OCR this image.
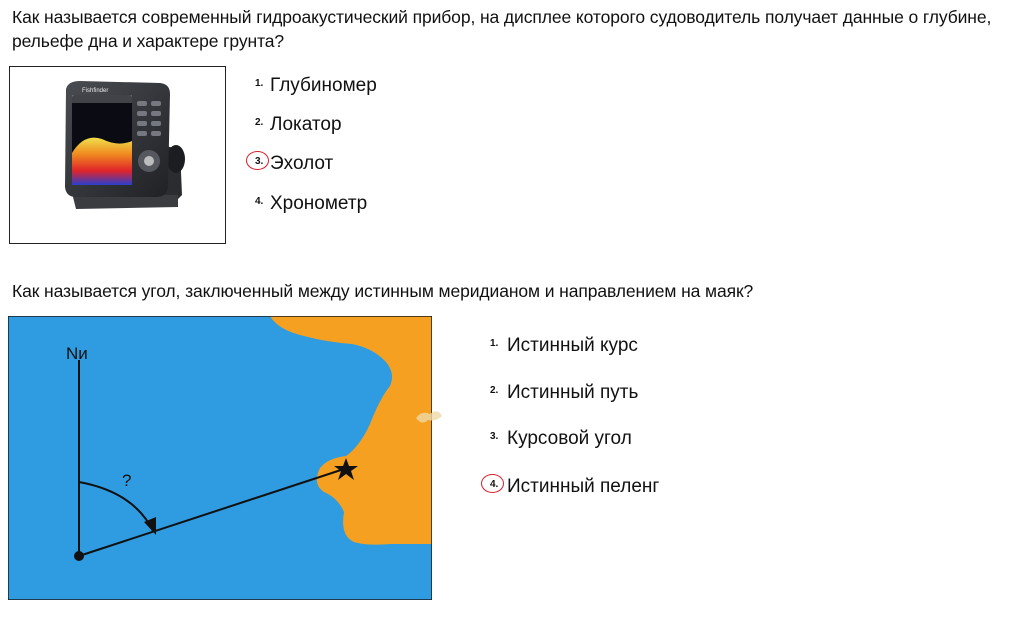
Как называется современный гидроакустический прибор, на дисплее которого судоводитель получает данные о глубине, рельефе дна и характере грунта?
Fishfinder
1. Глубиномер
2. Локатор
3. Эхолот
4. Хронометр
Как называется угол, заключенный между истинным меридианом и направлением на маяк?
Nи
?
1. Истинный курс
2. Истинный путь
3. Курсовой угол
4. Истинный пеленг
